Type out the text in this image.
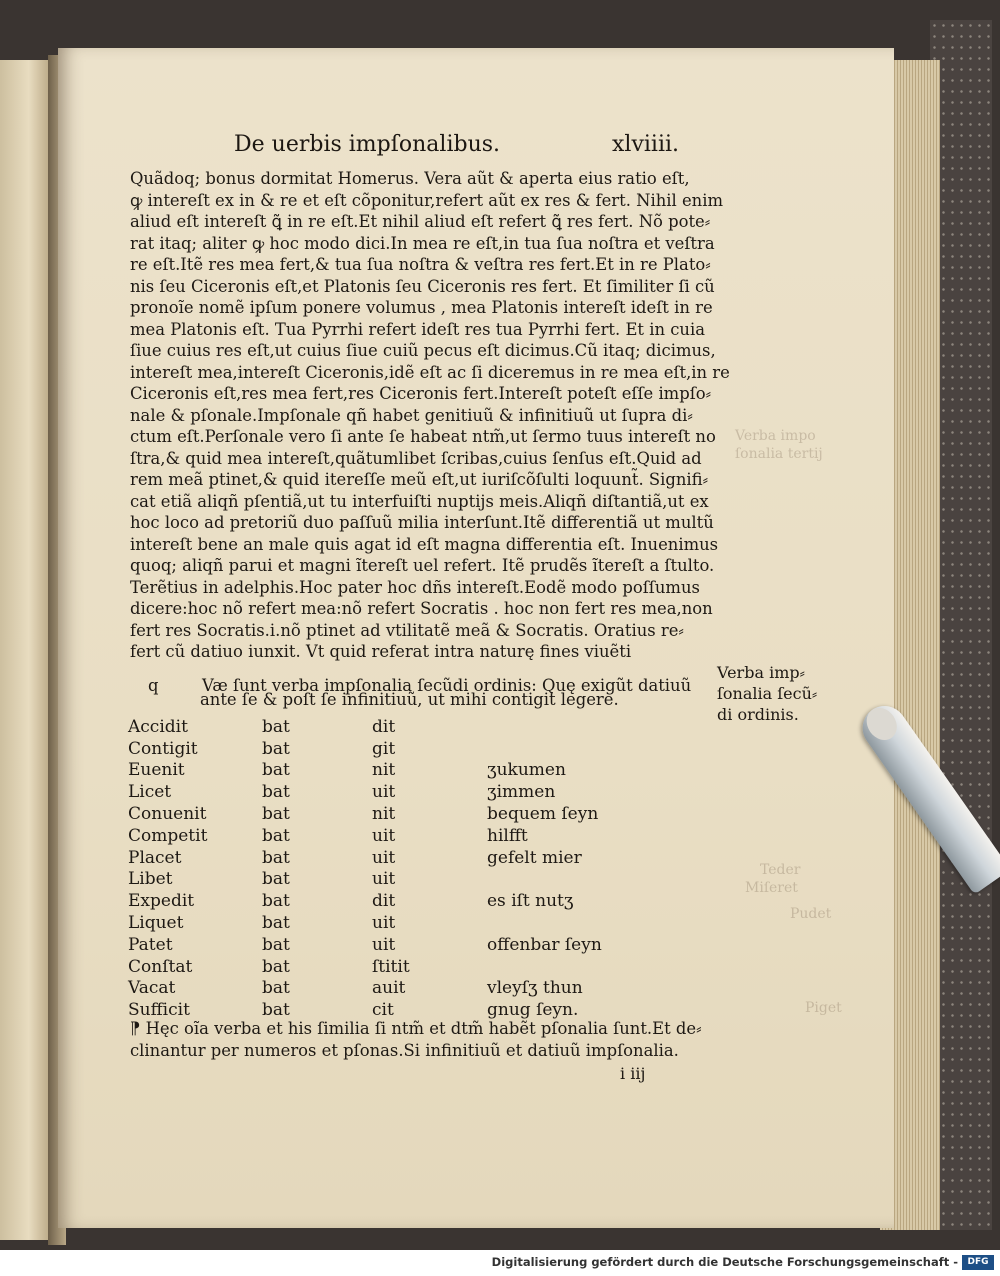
Verba impo
ſonalia tertij
Teder
Miſeret
Pudet
Piget
De uerbis impſonalibus.	xlviiii.
Quãdoq; bonus dormitat Homerus. Vera aũt & aperta eius ratio eſt,
ꝙ intereſt ex in & re et eſt cõponitur,refert aũt ex res & fert. Nihil enim
aliud eſt intereſt ꝗ̃ in re eſt.Et nihil aliud eſt refert ꝗ̃ res fert. Nõ pote⸗
rat itaq; aliter ꝙ hoc modo dici.In mea re eſt,in tua ſua noſtra et veſtra
re eſt.Itẽ res mea fert,& tua ſua noſtra & veſtra res fert.Et in re Plato⸗
nis ſeu Ciceronis eſt,et Platonis ſeu Ciceronis res fert. Et ſimiliter ſi cũ
pronoĩe nomẽ ipſum ponere volumus , mea Platonis intereſt ideſt in re
mea Platonis eſt. Tua Pyrrhi refert ideſt res tua Pyrrhi fert. Et in cuia
ſiue cuius res eſt,ut cuius ſiue cuiũ pecus eſt dicimus.Cũ itaq; dicimus,
intereſt mea,intereſt Ciceronis,idẽ eſt ac ſi diceremus in re mea eſt,in re
Ciceronis eſt,res mea fert,res Ciceronis fert.Intereſt poteſt eſſe impſo⸗
nale & pſonale.Impſonale qñ habet genitiuũ & infinitiuũ ut ſupra di⸗
ctum eſt.Perſonale vero ſi ante ſe habeat ntm̃,ut ſermo tuus intereſt no
ſtra,& quid mea intereſt,quãtumlibet ſcribas,cuius ſenſus eſt.Quid ad
rem meã ptinet,& quid itereſſe meũ eſt,ut iuriſcõſulti loquunt̃. Signifi⸗
cat etiã aliqñ pſentiã,ut tu interfuiſti nuptijs meis.Aliqñ diſtantiã,ut ex
hoc loco ad pretoriũ duo paſſuũ milia interſunt.Itẽ differentiã ut multũ
intereſt bene an male quis agat id eſt magna differentia eſt. Inuenimus
quoq; aliqñ parui et magni ĩtereſt uel refert. Itẽ prudẽs ĩtereſt a ſtulto.
Terẽtius in adelphis.Hoc pater hoc dñs intereſt.Eodẽ modo poſſumus
dicere:hoc nõ refert mea:nõ refert Socratis . hoc non fert res mea,non
fert res Socratis.i.nõ ptinet ad vtilitatẽ meã & Socratis. Oratius re⸗
fert cũ datiuo iunxit. Vt quid referat intra naturę fines viuẽti
q	Væ ſunt verba impſonalia ſecũdi ordinis: Quę exigũt datiuũ
ante ſe & poſt ſe infinitiuũ, ut mihi contigit legere.
Verba imp⸗ ſonalia ſecũ⸗ di ordinis.
Accidit	bat	dit	
Contigit	bat	git	
Euenit	bat	nit	ʒukumen
Licet	bat	uit	ʒimmen
Conuenit	bat	nit	bequem ſeyn
Competit	bat	uit	hilfft
Placet	bat	uit	gefelt mier
Libet	bat	uit	
Expedit	bat	dit	es iſt nutʒ
Liquet	bat	uit	
Patet	bat	uit	offenbar ſeyn
Conſtat	bat	ſtitit	
Vacat	bat	auit	vleyſʒ thun
Sufficit	bat	cit	gnug ſeyn.
⁋ Hęc oĩa verba et his ſimilia ſi ntm̃ et dtm̃ habẽt pſonalia ſunt.Et de⸗
clinantur per numeros et pſonas.Si infinitiuũ et datiuũ impſonalia.
i iij
Digitalisierung gefördert durch die Deutsche Forschungsgemeinschaft -	DFG
